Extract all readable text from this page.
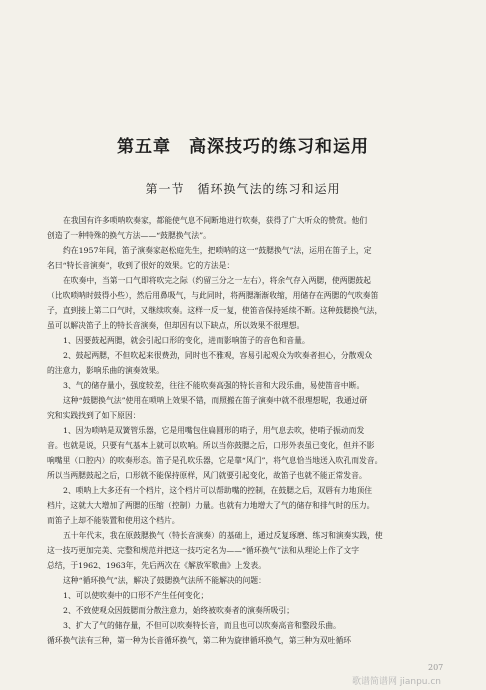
第五章　高深技巧的练习和运用
第一节　循环换气法的练习和运用

在我国有许多唢呐吹奏家，都能使气息不间断地进行吹奏，获得了广大听众的赞赏。他们

创造了一种特殊的换气方法——“鼓腮换气法”。

约在1957年间，笛子演奏家赵松庭先生，把唢呐的这一“鼓腮换气”法，运用在笛子上，定

名曰“特长音演奏”，收到了很好的效果。它的方法是：

在吹奏中，当第一口气即将吹完之际（约留三分之一左右），将余气存入两腮，使两腮鼓起

（比吹唢呐时鼓得小些），然后用鼻吸气，与此同时，将两腮渐渐收缩，用储存在两腮的气吹奏笛

子，直到接上第二口气时，又继续吹奏。这样一反一复，使笛音保持延续不断。这种鼓腮换气法，

虽可以解决笛子上的特长音演奏，但却因有以下缺点，所以效果不很理想。

1、因要鼓起两腮，就会引起口形的变化，进而影响笛子的音色和音量。

2、鼓起两腮，不但吹起来很费劲，同时也不雅观，容易引起观众为吹奏者担心，分散观众

的注意力，影响乐曲的演奏效果。

3、气的储存量小，强度较差，往往不能吹奏高强的特长音和大段乐曲，易使笛音中断。

这种“鼓腮换气法”使用在唢呐上效果不错，而照搬在笛子演奏中就不很理想呢，我通过研

究和实践找到了如下原因：

1、因为唢呐是双簧管乐器，它是用嘴包住扁圆形的哨子，用气息去吹，使哨子振动而发

音。也就是说，只要有气基本上就可以吹响。所以当你鼓腮之后，口形外表虽已变化，但并不影

响嘴里（口腔内）的吹奏形态。笛子是孔吹乐器，它是靠“风门”，将气息恰当地送入吹孔而发音。

所以当两腮鼓起之后，口形就不能保持原样，风门就要引起变化，故笛子也就不能正常发音。

2、唢呐上大多还有一个档片，这个档片可以帮助嘴的控制，在鼓腮之后，双唇有力地顶住

档片，这就大大增加了两腮的压缩（控制）力量。也就有力地增大了气的储存和排气时的压力。

而笛子上却不能装置和使用这个档片。

五十年代末，我在原鼓腮换气（特长音演奏）的基础上，通过反复琢磨、练习和演奏实践，使

这一技巧更加完美、完整和规范并把这一技巧定名为——“循环换气”法和从理论上作了文字

总结，于1962、1963年，先后两次在《解放军歌曲》上发表。

这种“循环换气”法，解决了鼓腮换气法所不能解决的问题：

1、可以使吹奏中的口形不产生任何变化；

2、不致使观众因鼓腮而分散注意力，始终被吹奏者的演奏所吸引；

3、扩大了气的储存量，不但可以吹奏特长音，而且也可以吹奏高音和整段乐曲。

循环换气法有三种，第一种为长音循环换气，第二种为旋律循环换气，第三种为双吐循环

207
歌谱简谱网 jianpu.cn
